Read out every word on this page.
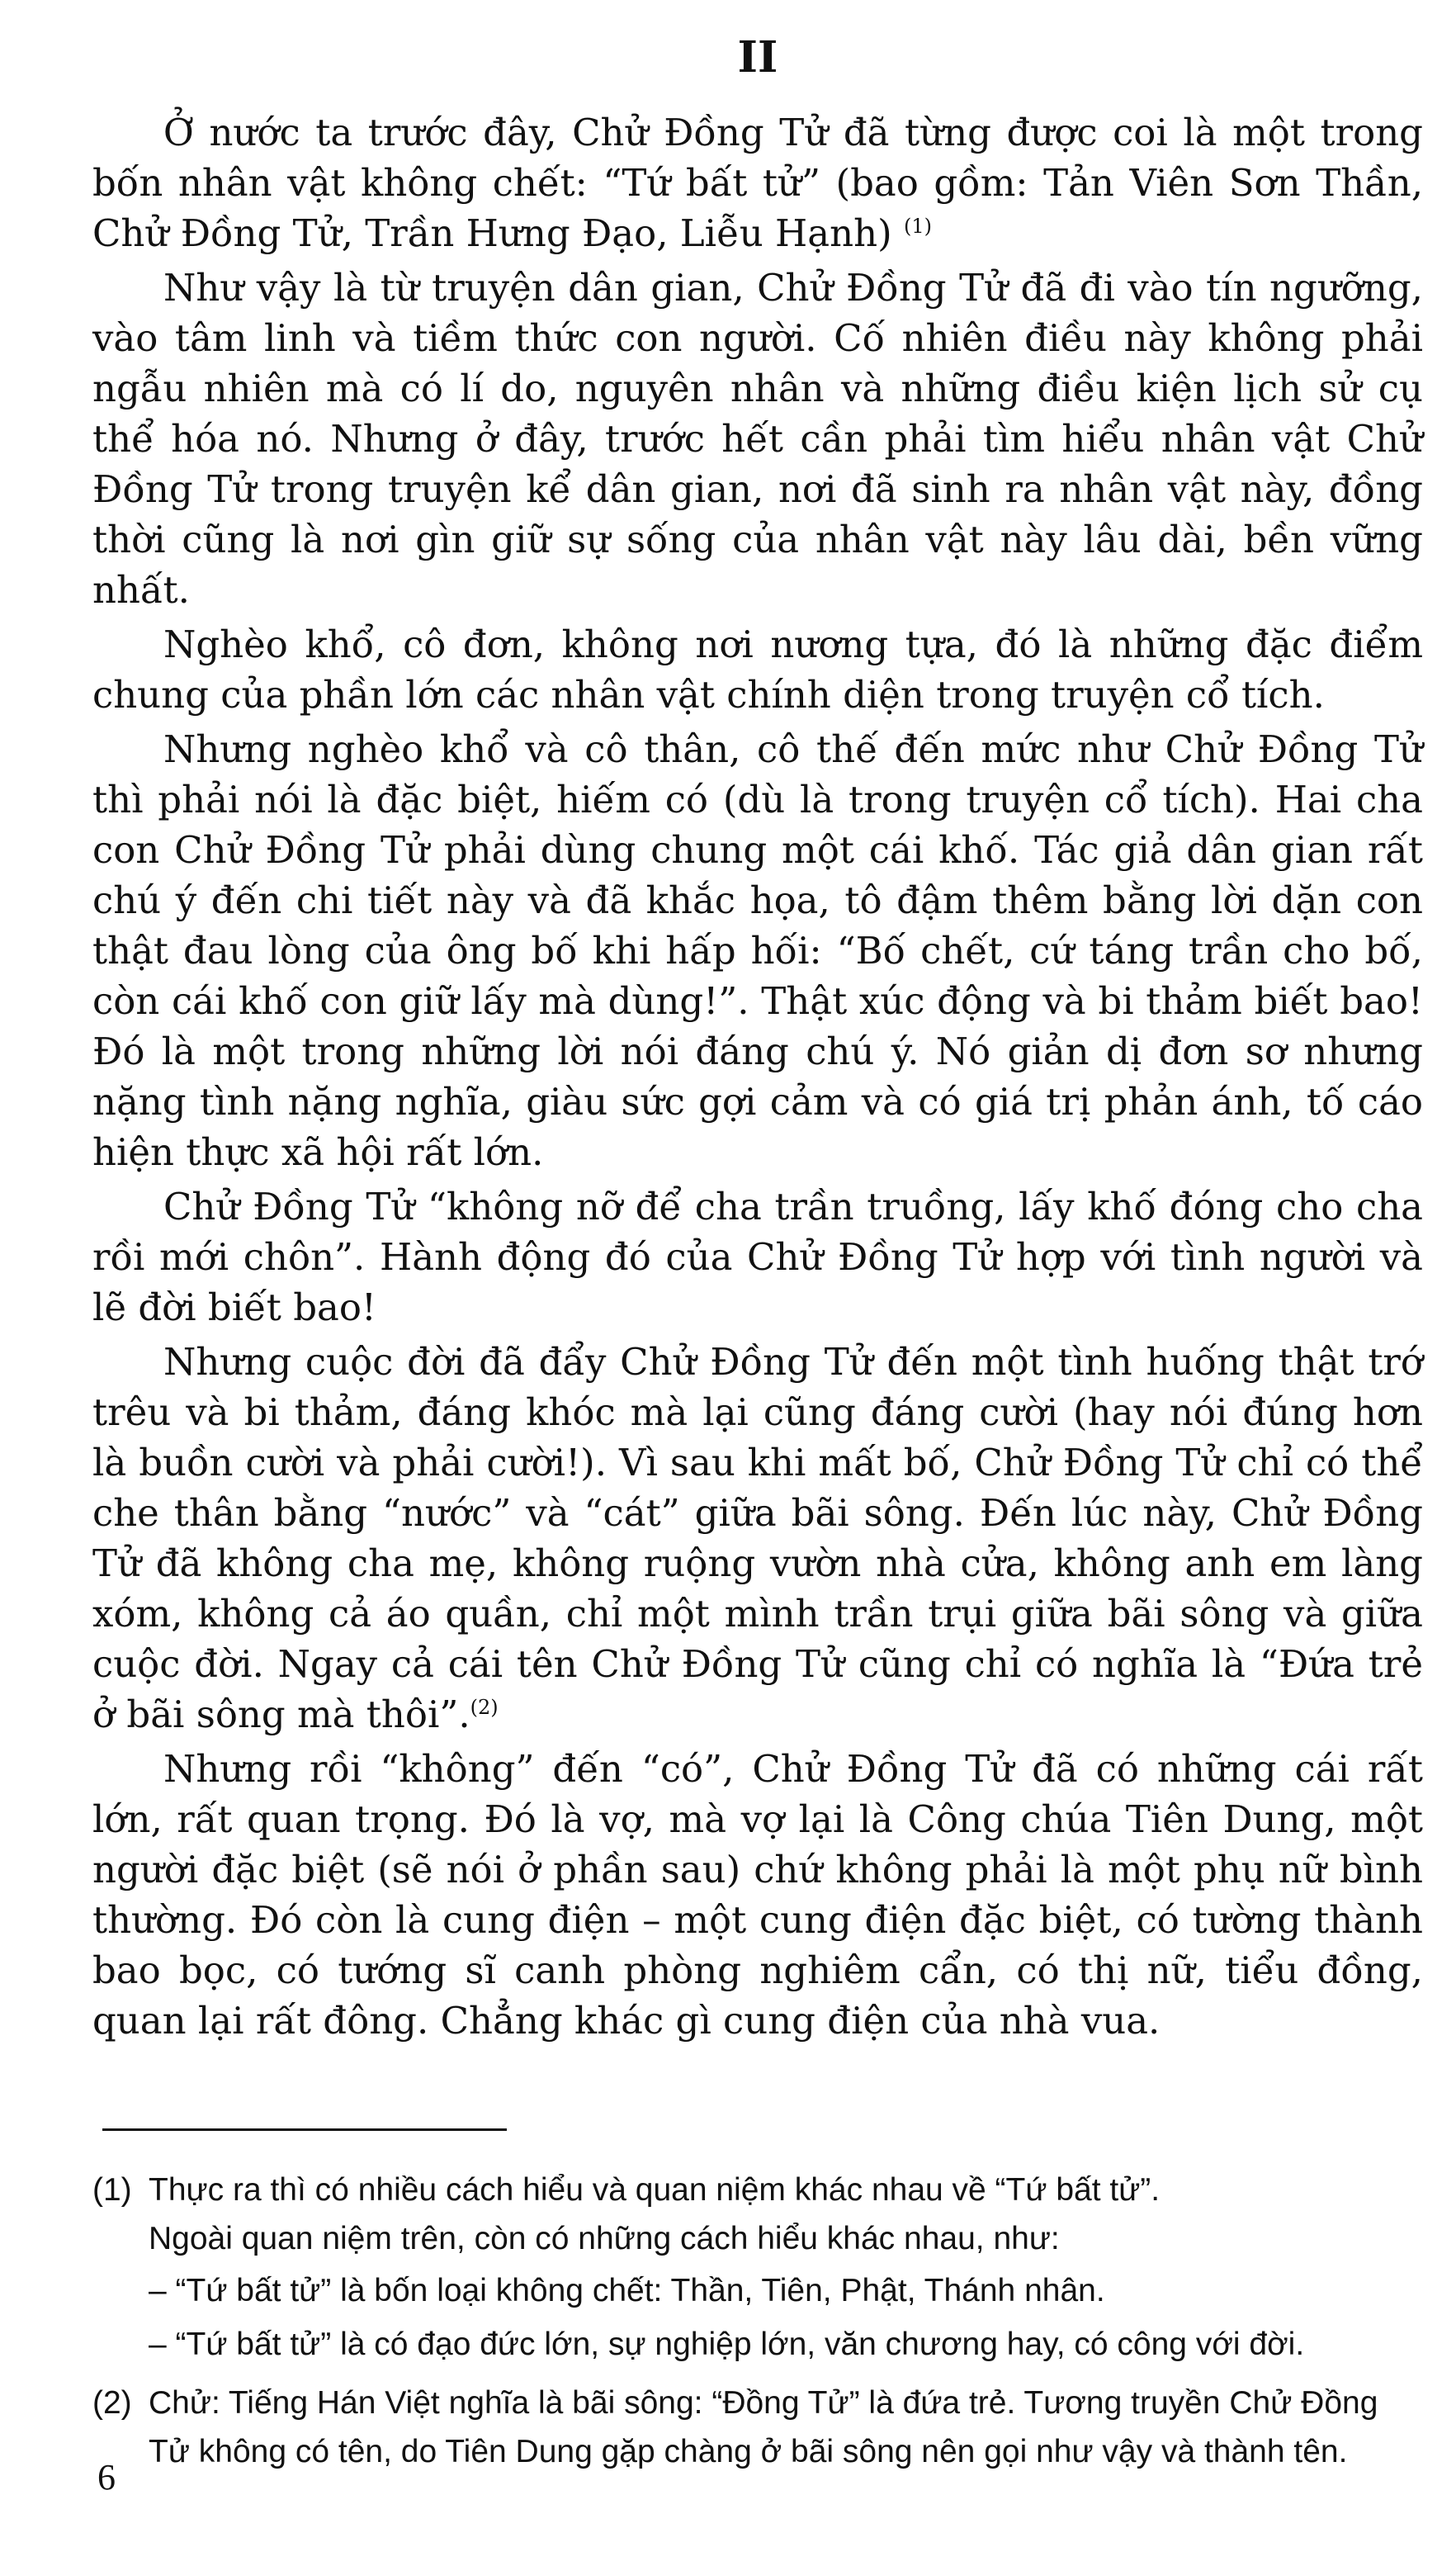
II

Ở nước ta trước đây, Chử Đồng Tử đã từng được coi là một trong bốn nhân vật không chết: “Tứ bất tử” (bao gồm: Tản Viên Sơn Thần, Chử Đồng Tử, Trần Hưng Đạo, Liễu Hạnh) $^{(1)}$

Như vậy là từ truyện dân gian, Chử Đồng Tử đã đi vào tín ngưỡng, vào tâm linh và tiềm thức con người. Cố nhiên điều này không phải ngẫu nhiên mà có lí do, nguyên nhân và những điều kiện lịch sử cụ thể hóa nó. Nhưng ở đây, trước hết cần phải tìm hiểu nhân vật Chử Đồng Tử trong truyện kể dân gian, nơi đã sinh ra nhân vật này, đồng thời cũng là nơi gìn giữ sự sống của nhân vật này lâu dài, bền vững nhất.

Nghèo khổ, cô đơn, không nơi nương tựa, đó là những đặc điểm chung của phần lớn các nhân vật chính diện trong truyện cổ tích.

Nhưng nghèo khổ và cô thân, cô thế đến mức như Chử Đồng Tử thì phải nói là đặc biệt, hiếm có (dù là trong truyện cổ tích). Hai cha con Chử Đồng Tử phải dùng chung một cái khố. Tác giả dân gian rất chú ý đến chi tiết này và đã khắc họa, tô đậm thêm bằng lời dặn con thật đau lòng của ông bố khi hấp hối: “Bố chết, cứ táng trần cho bố, còn cái khố con giữ lấy mà dùng!”. Thật xúc động và bi thảm biết bao! Đó là một trong những lời nói đáng chú ý. Nó giản dị đơn sơ nhưng nặng tình nặng nghĩa, giàu sức gợi cảm và có giá trị phản ánh, tố cáo hiện thực xã hội rất lớn.

Chử Đồng Tử “không nỡ để cha trần truồng, lấy khố đóng cho cha rồi mới chôn”. Hành động đó của Chử Đồng Tử hợp với tình người và lẽ đời biết bao!

Nhưng cuộc đời đã đẩy Chử Đồng Tử đến một tình huống thật trớ trêu và bi thảm, đáng khóc mà lại cũng đáng cười (hay nói đúng hơn là buồn cười và phải cười!). Vì sau khi mất bố, Chử Đồng Tử chỉ có thể che thân bằng “nước” và “cát” giữa bãi sông. Đến lúc này, Chử Đồng Tử đã không cha mẹ, không ruộng vườn nhà cửa, không anh em làng xóm, không cả áo quần, chỉ một mình trần trụi giữa bãi sông và giữa cuộc đời. Ngay cả cái tên Chử Đồng Tử cũng chỉ có nghĩa là “Đứa trẻ ở bãi sông mà thôi”.$^{(2)}$

Nhưng rồi “không” đến “có”, Chử Đồng Tử đã có những cái rất lớn, rất quan trọng. Đó là vợ, mà vợ lại là Công chúa Tiên Dung, một người đặc biệt (sẽ nói ở phần sau) chứ không phải là một phụ nữ bình thường. Đó còn là cung điện – một cung điện đặc biệt, có tường thành bao bọc, có tướng sĩ canh phòng nghiêm cẩn, có thị nữ, tiểu đồng, quan lại rất đông. Chẳng khác gì cung điện của nhà vua.

(1) Thực ra thì có nhiều cách hiểu và quan niệm khác nhau về “Tứ bất tử”.

Ngoài quan niệm trên, còn có những cách hiểu khác nhau, như:

– “Tứ bất tử” là bốn loại không chết: Thần, Tiên, Phật, Thánh nhân.

– “Tứ bất tử” là có đạo đức lớn, sự nghiệp lớn, văn chương hay, có công với đời.

(2) Chử: Tiếng Hán Việt nghĩa là bãi sông: “Đồng Tử” là đứa trẻ. Tương truyền Chử Đồng Tử không có tên, do Tiên Dung gặp chàng ở bãi sông nên gọi như vậy và thành tên.

6
